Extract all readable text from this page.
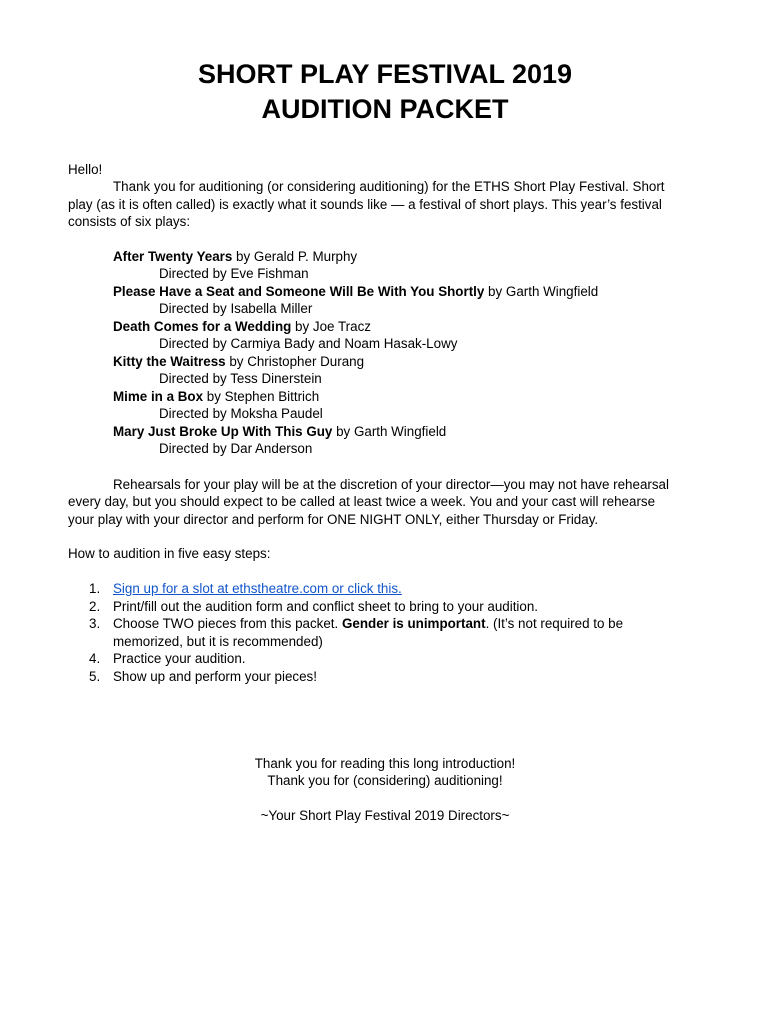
SHORT PLAY FESTIVAL 2019
AUDITION PACKET
Hello!
Thank you for auditioning (or considering auditioning) for the ETHS Short Play Festival. Short
play (as it is often called) is exactly what it sounds like — a festival of short plays. This year’s festival
consists of six plays:
After Twenty Years by Gerald P. Murphy
Directed by Eve Fishman
Please Have a Seat and Someone Will Be With You Shortly by Garth Wingfield
Directed by Isabella Miller
Death Comes for a Wedding by Joe Tracz
Directed by Carmiya Bady and Noam Hasak-Lowy
Kitty the Waitress by Christopher Durang
Directed by Tess Dinerstein
Mime in a Box by Stephen Bittrich
Directed by Moksha Paudel
Mary Just Broke Up With This Guy by Garth Wingfield
Directed by Dar Anderson
Rehearsals for your play will be at the discretion of your director—you may not have rehearsal
every day, but you should expect to be called at least twice a week. You and your cast will rehearse
your play with your director and perform for ONE NIGHT ONLY, either Thursday or Friday.
How to audition in five easy steps:
1. Sign up for a slot at ethstheatre.com or click this.
2. Print/fill out the audition form and conflict sheet to bring to your audition.
3. Choose TWO pieces from this packet. Gender is unimportant. (It’s not required to be
memorized, but it is recommended)
4. Practice your audition.
5. Show up and perform your pieces!
Thank you for reading this long introduction!
Thank you for (considering) auditioning!
~Your Short Play Festival 2019 Directors~
